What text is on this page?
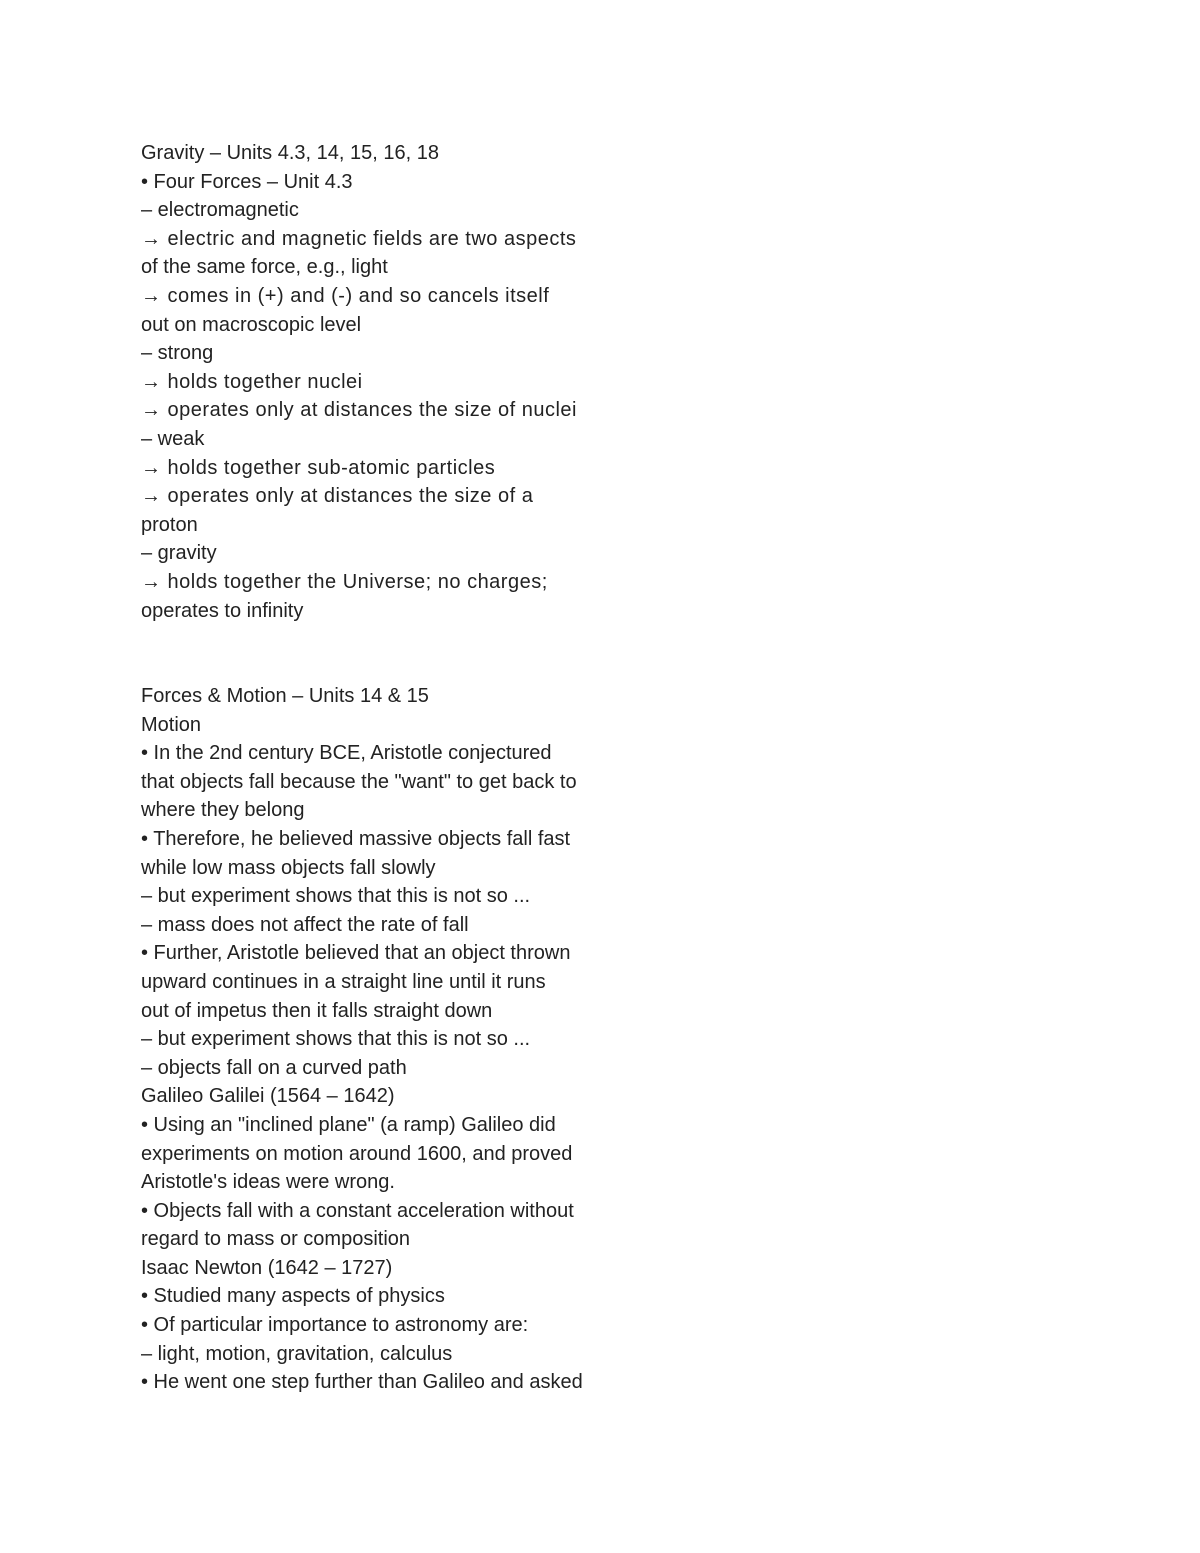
Gravity – Units 4.3, 14, 15, 16, 18
• Four Forces – Unit 4.3
– electromagnetic
→ electric and magnetic fields are two aspects
of the same force, e.g., light
→ comes in (+) and (-) and so cancels itself
out on macroscopic level
– strong
→ holds together nuclei
→ operates only at distances the size of nuclei
– weak
→ holds together sub-atomic particles
→ operates only at distances the size of a
proton
– gravity
→ holds together the Universe; no charges;
operates to infinity
Forces & Motion – Units 14 & 15
Motion
• In the 2nd century BCE, Aristotle conjectured
that objects fall because the "want" to get back to
where they belong
• Therefore, he believed massive objects fall fast
while low mass objects fall slowly
– but experiment shows that this is not so ...
– mass does not affect the rate of fall
• Further, Aristotle believed that an object thrown
upward continues in a straight line until it runs
out of impetus then it falls straight down
– but experiment shows that this is not so ...
– objects fall on a curved path
Galileo Galilei (1564 – 1642)
• Using an "inclined plane" (a ramp) Galileo did
experiments on motion around 1600, and proved
Aristotle's ideas were wrong.
• Objects fall with a constant acceleration without
regard to mass or composition
Isaac Newton (1642 – 1727)
• Studied many aspects of physics
• Of particular importance to astronomy are:
– light, motion, gravitation, calculus
• He went one step further than Galileo and asked
